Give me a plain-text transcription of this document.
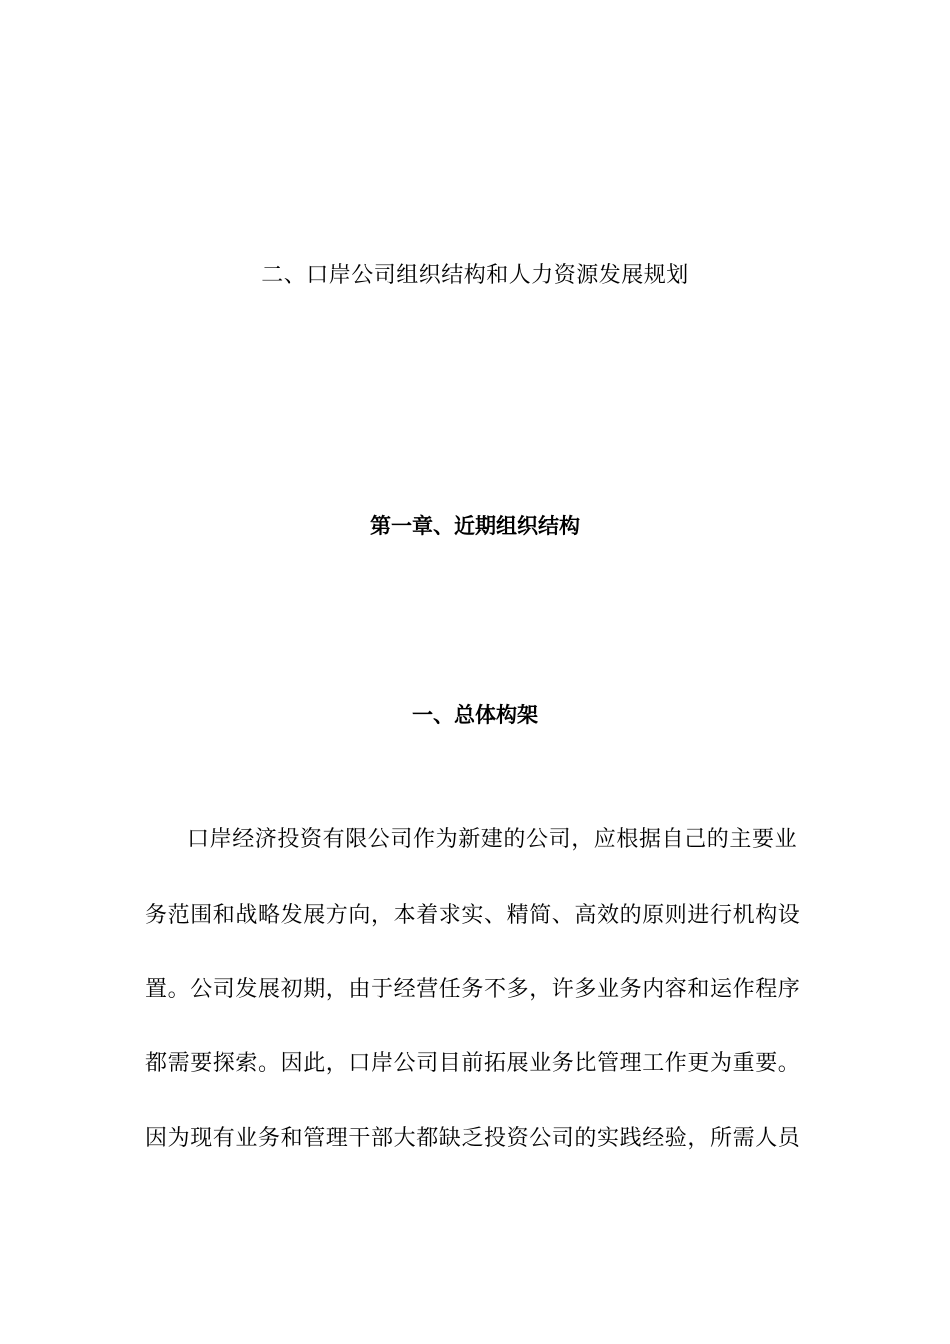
二、口岸公司组织结构和人力资源发展规划
第一章、近期组织结构
一、总体构架
口岸经济投资有限公司作为新建的公司，应根据自己的主要业
务范围和战略发展方向，本着求实、精简、高效的原则进行机构设
置。公司发展初期，由于经营任务不多，许多业务内容和运作程序
都需要探索。因此，口岸公司目前拓展业务比管理工作更为重要。
因为现有业务和管理干部大都缺乏投资公司的实践经验，所需人员
